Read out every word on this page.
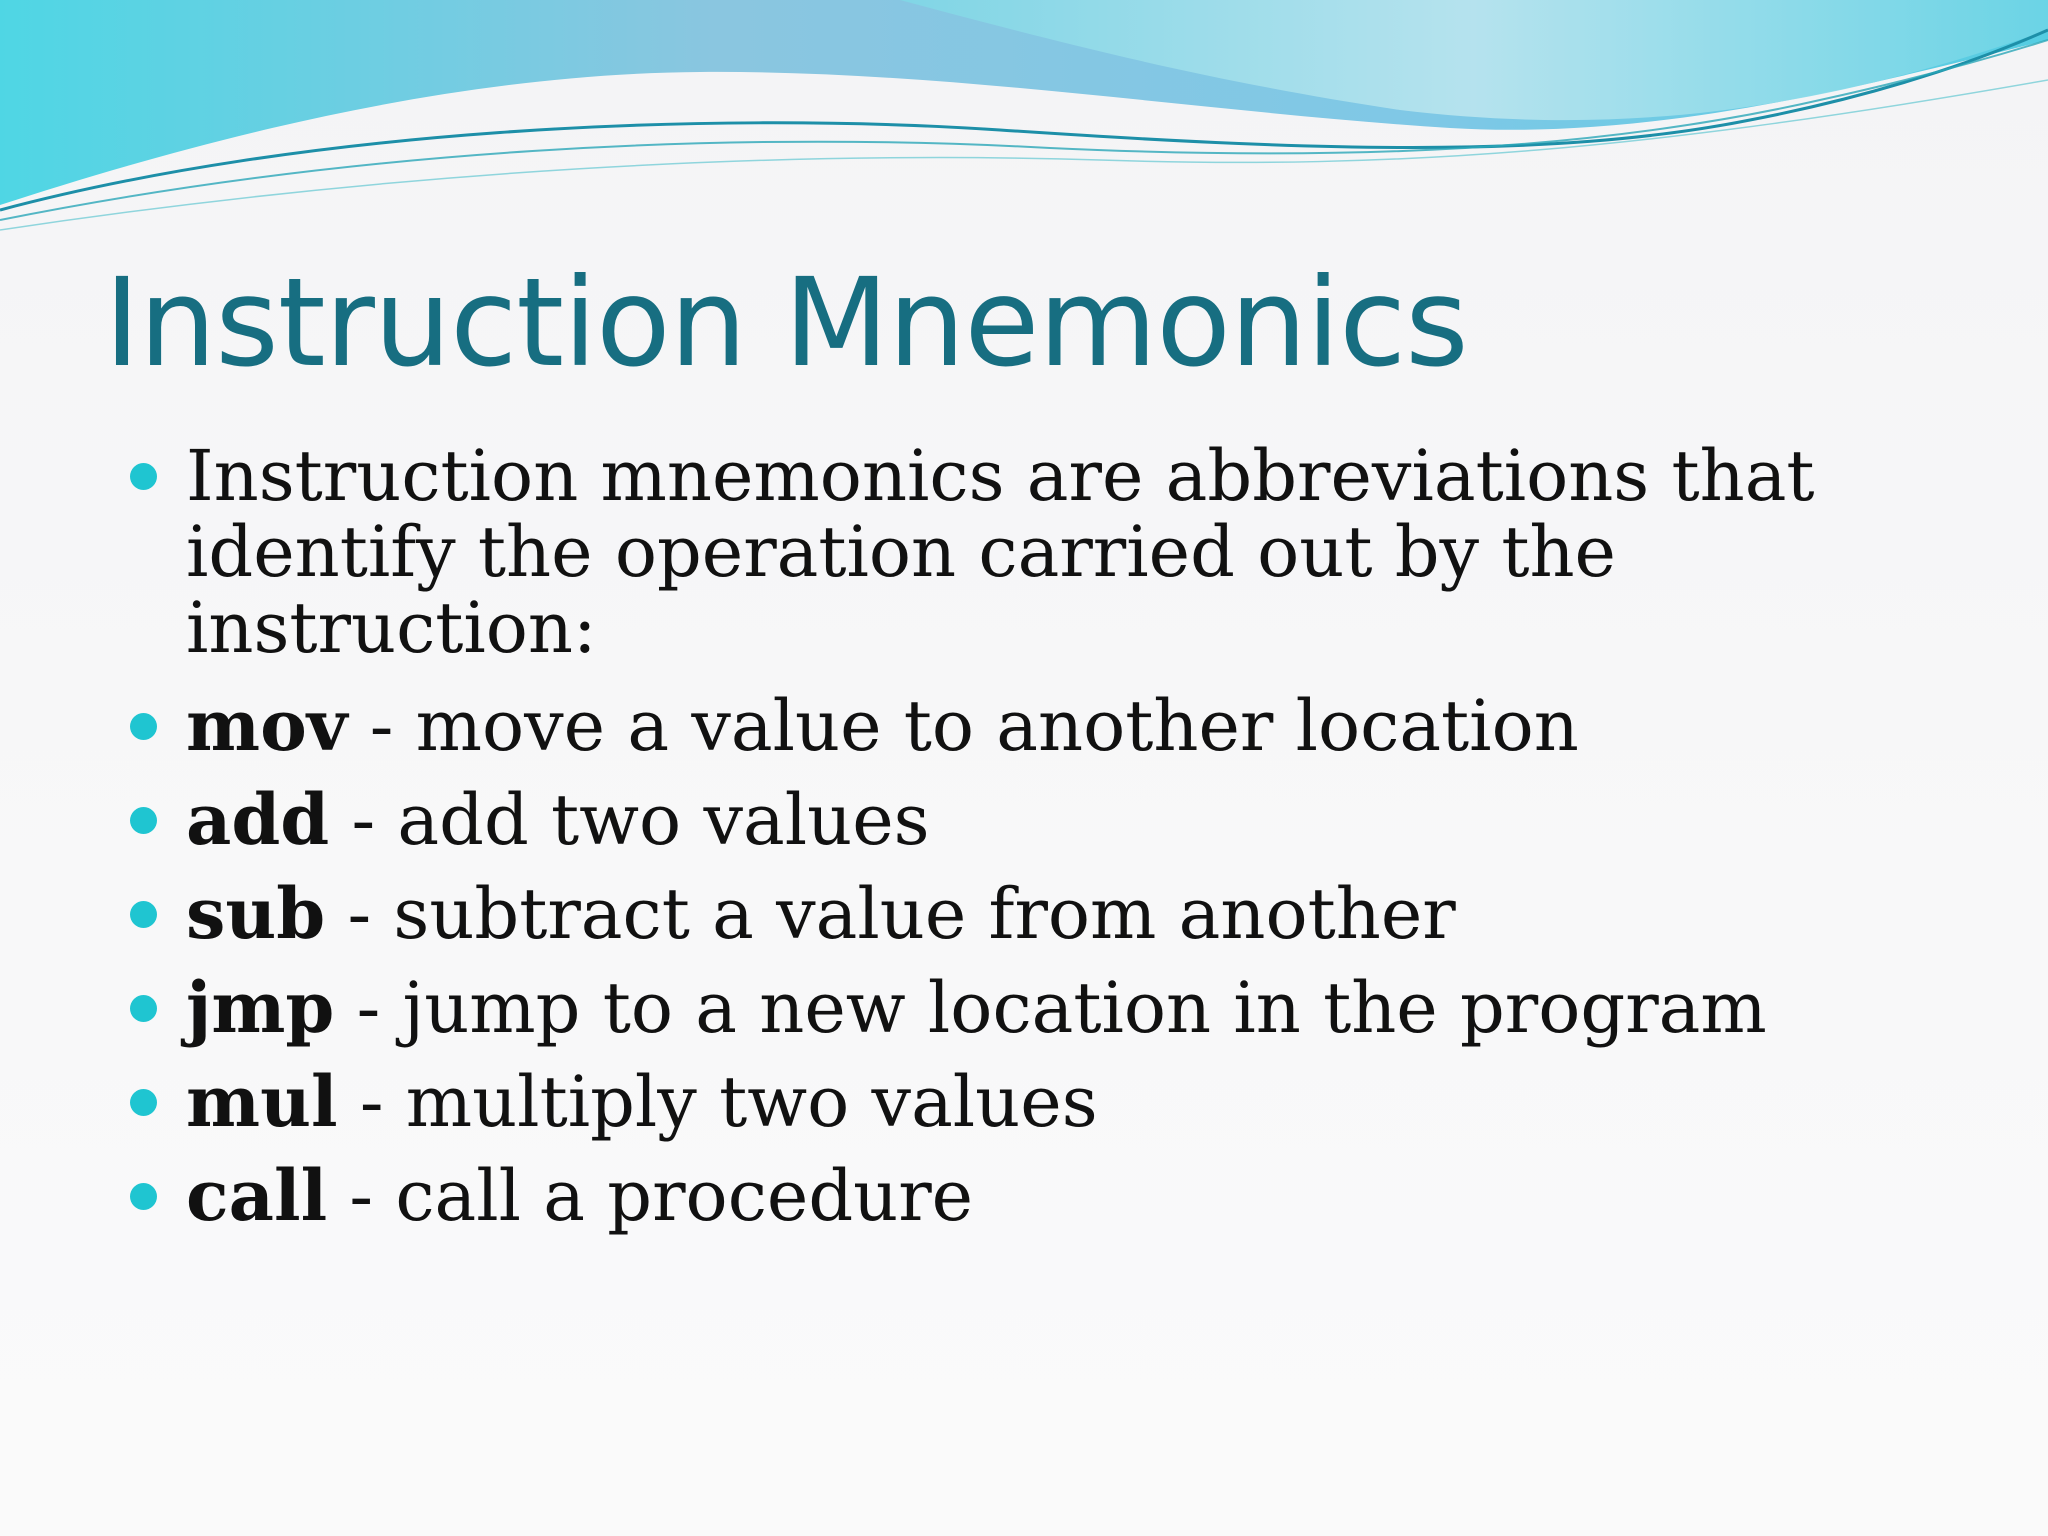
Instruction Mnemonics
Instruction mnemonics are abbreviations that identify the operation carried out by the instruction:
mov - move a value to another location
add - add two values
sub - subtract a value from another
jmp - jump to a new location in the program
mul - multiply two values
call - call a procedure
